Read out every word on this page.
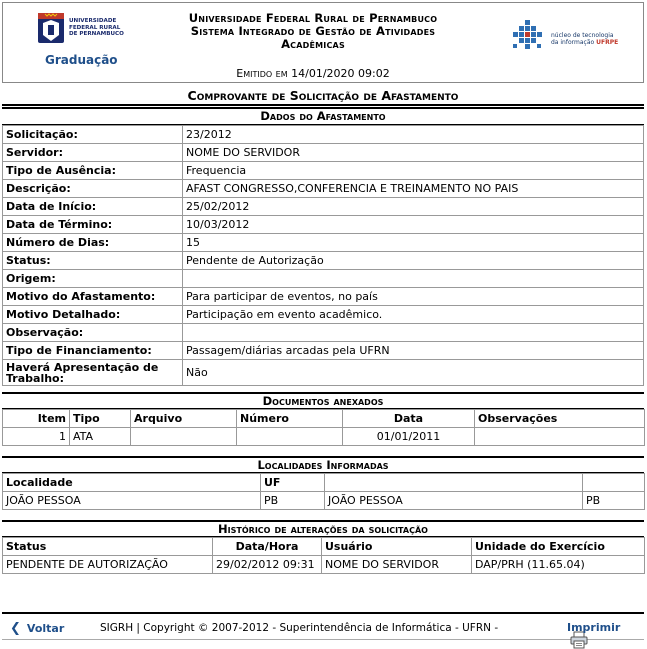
UNIVERSIDADE
FEDERAL RURAL
DE PERNAMBUCO
Graduação
Universidade Federal Rural de Pernambuco
Sistema Integrado de Gestão de Atividades
Acadêmicas
Emitido em 14/01/2020 09:02
núcleo de tecnologia
da informação UFRPE
Comprovante de Solicitação de Afastamento
Dados do Afastamento
Solicitação:	23/2012
Servidor:	NOME DO SERVIDOR
Tipo de Ausência:	Frequencia
Descrição:	AFAST CONGRESSO,CONFERENCIA E TREINAMENTO NO PAIS
Data de Início:	25/02/2012
Data de Término:	10/03/2012
Número de Dias:	15
Status:	Pendente de Autorização
Origem:	
Motivo do Afastamento:	Para participar de eventos, no país
Motivo Detalhado:	Participação em evento acadêmico.
Observação:	
Tipo de Financiamento:	Passagem/diárias arcadas pela UFRN
Haverá Apresentação de Trabalho:	Não
Documentos anexados
Item	Tipo	Arquivo	Número	Data	Observações
1	ATA			01/01/2011	
Localidades Informadas
Localidade	UF		
JOÃO PESSOA	PB	JOÃO PESSOA	PB
Histórico de alterações da solicitação
Status	Data/Hora	Usuário	Unidade do Exercício
PENDENTE DE AUTORIZAÇÃO	29/02/2012 09:31	NOME DO SERVIDOR	DAP/PRH (11.65.04)
❮ Voltar	SIGRH | Copyright © 2007-2012 - Superintendência de Informática - UFRN -	Imprimir
